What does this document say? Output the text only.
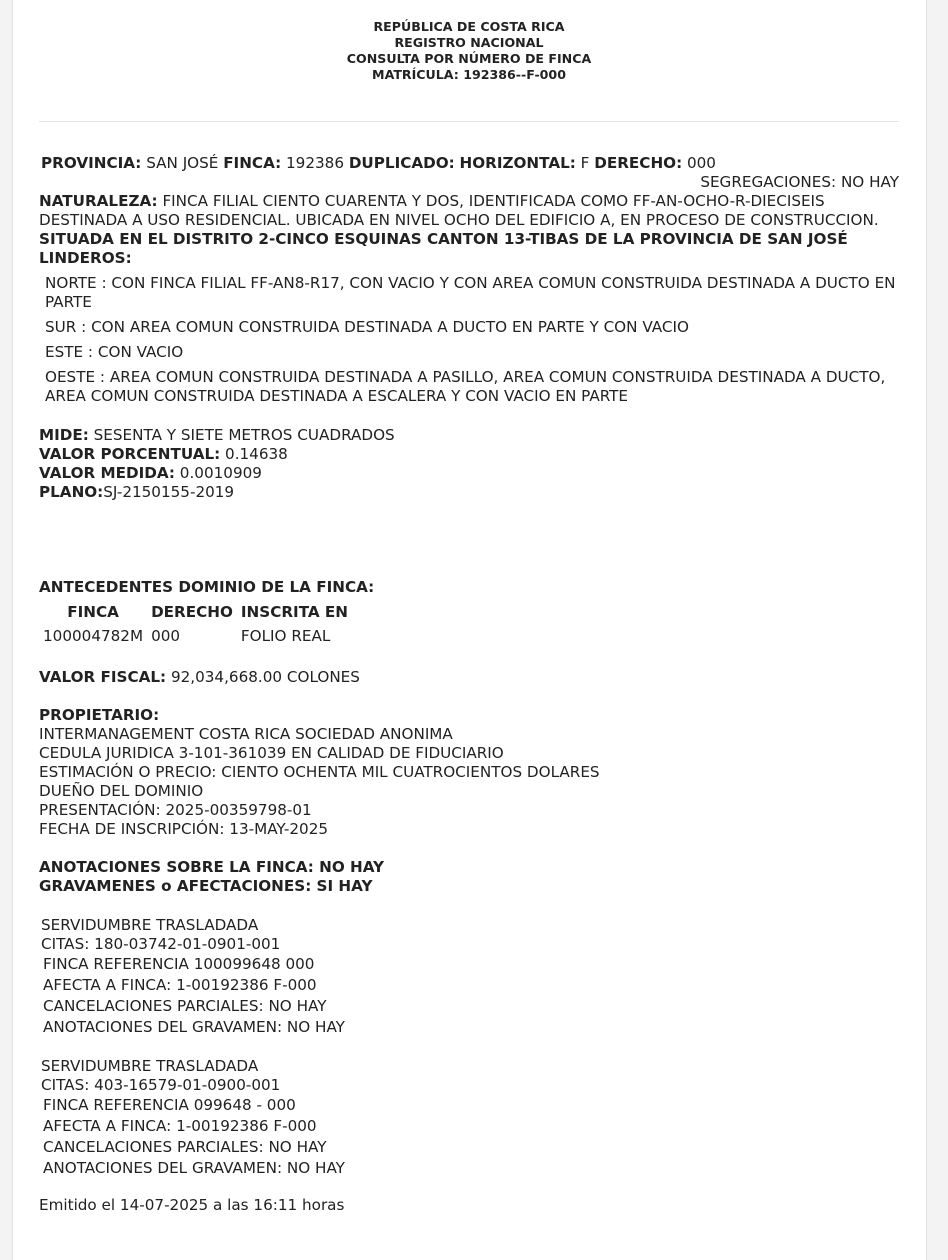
REPÚBLICA DE COSTA RICA
REGISTRO NACIONAL
CONSULTA POR NÚMERO DE FINCA
MATRÍCULA: 192386--F-000
PROVINCIA: SAN JOSÉ FINCA: 192386 DUPLICADO: HORIZONTAL: F DERECHO: 000
SEGREGACIONES: NO HAY
NATURALEZA: FINCA FILIAL CIENTO CUARENTA Y DOS, IDENTIFICADA COMO FF-AN-OCHO-R-DIECISEIS DESTINADA A USO RESIDENCIAL. UBICADA EN NIVEL OCHO DEL EDIFICIO A, EN PROCESO DE CONSTRUCCION.
SITUADA EN EL DISTRITO 2-CINCO ESQUINAS CANTON 13-TIBAS DE LA PROVINCIA DE SAN JOSÉ
LINDEROS:
NORTE : CON FINCA FILIAL FF-AN8-R17, CON VACIO Y CON AREA COMUN CONSTRUIDA DESTINADA A DUCTO EN PARTE
SUR : CON AREA COMUN CONSTRUIDA DESTINADA A DUCTO EN PARTE Y CON VACIO
ESTE : CON VACIO
OESTE : AREA COMUN CONSTRUIDA DESTINADA A PASILLO, AREA COMUN CONSTRUIDA DESTINADA A DUCTO, AREA COMUN CONSTRUIDA DESTINADA A ESCALERA Y CON VACIO EN PARTE
MIDE: SESENTA Y SIETE METROS CUADRADOS
VALOR PORCENTUAL: 0.14638
VALOR MEDIDA: 0.0010909
PLANO:SJ-2150155-2019
ANTECEDENTES DOMINIO DE LA FINCA:
FINCA	DERECHO	INSCRITA EN
100004782M	000	FOLIO REAL
VALOR FISCAL: 92,034,668.00 COLONES
PROPIETARIO:
INTERMANAGEMENT COSTA RICA SOCIEDAD ANONIMA
CEDULA JURIDICA 3-101-361039 EN CALIDAD DE FIDUCIARIO
ESTIMACIÓN O PRECIO: CIENTO OCHENTA MIL CUATROCIENTOS DOLARES
DUEÑO DEL DOMINIO
PRESENTACIÓN: 2025-00359798-01
FECHA DE INSCRIPCIÓN: 13-MAY-2025
ANOTACIONES SOBRE LA FINCA: NO HAY
GRAVAMENES o AFECTACIONES: SI HAY
SERVIDUMBRE TRASLADADA
CITAS: 180-03742-01-0901-001
FINCA REFERENCIA 100099648 000
AFECTA A FINCA: 1-00192386 F-000
CANCELACIONES PARCIALES: NO HAY
ANOTACIONES DEL GRAVAMEN: NO HAY
SERVIDUMBRE TRASLADADA
CITAS: 403-16579-01-0900-001
FINCA REFERENCIA 099648 - 000
AFECTA A FINCA: 1-00192386 F-000
CANCELACIONES PARCIALES: NO HAY
ANOTACIONES DEL GRAVAMEN: NO HAY
Emitido el 14-07-2025 a las 16:11 horas
